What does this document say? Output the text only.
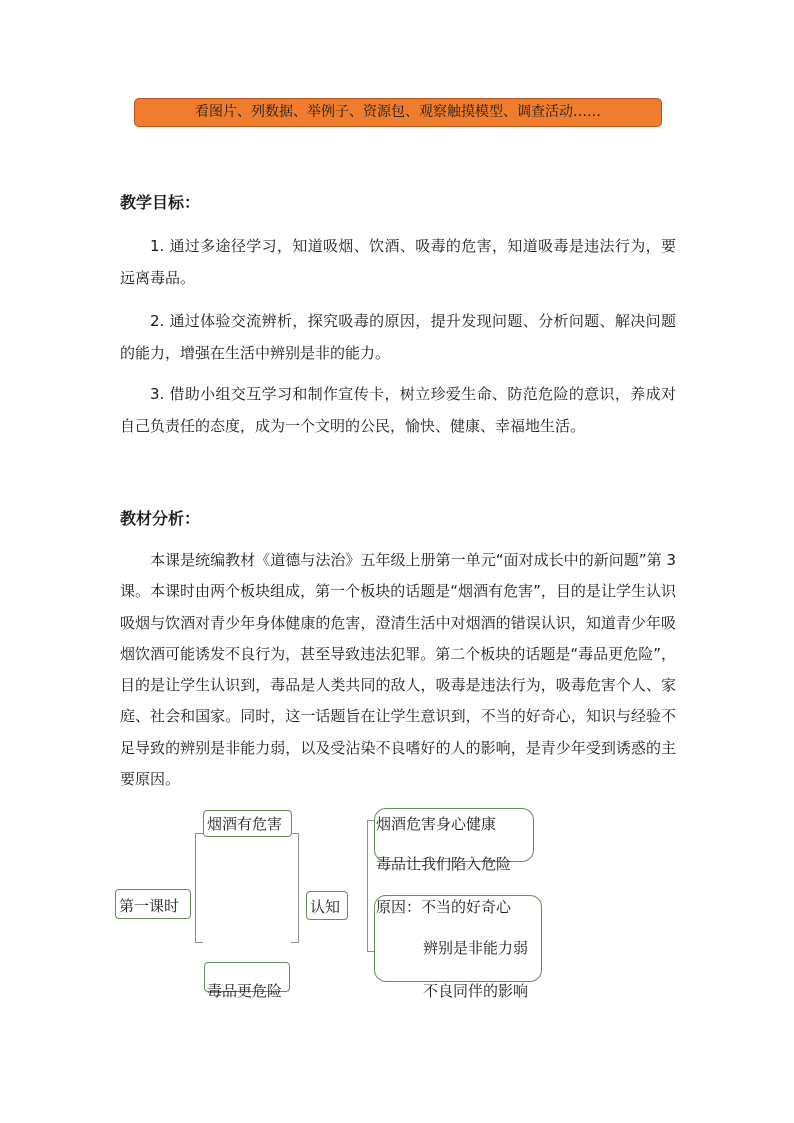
看图片、列数据、举例子、资源包、观察触摸模型、调查活动……
教学目标：

1. 通过多途径学习，知道吸烟、饮酒、吸毒的危害，知道吸毒是违法行为，要远离毒品。

2. 通过体验交流辨析，探究吸毒的原因，提升发现问题、分析问题、解决问题的能力，增强在生活中辨别是非的能力。

3. 借助小组交互学习和制作宣传卡，树立珍爱生命、防范危险的意识，养成对自己负责任的态度，成为一个文明的公民，愉快、健康、幸福地生活。

教材分析：

本课是统编教材《道德与法治》五年级上册第一单元“面对成长中的新问题”第 3 课。本课时由两个板块组成，第一个板块的话题是“烟酒有危害”，目的是让学生认识吸烟与饮酒对青少年身体健康的危害，澄清生活中对烟酒的错误认识，知道青少年吸烟饮酒可能诱发不良行为，甚至导致违法犯罪。第二个板块的话题是“毒品更危险”，目的是让学生认识到，毒品是人类共同的敌人，吸毒是违法行为，吸毒危害个人、家庭、社会和国家。同时，这一话题旨在让学生意识到，不当的好奇心，知识与经验不足导致的辨别是非能力弱，以及受沾染不良嗜好的人的影响，是青少年受到诱惑的主要原因。

第一课时
烟酒有危害
毒品更危险
认知
烟酒危害身心健康
毒品让我们陷入危险
原因：不当的好奇心
辨别是非能力弱
不良同伴的影响
